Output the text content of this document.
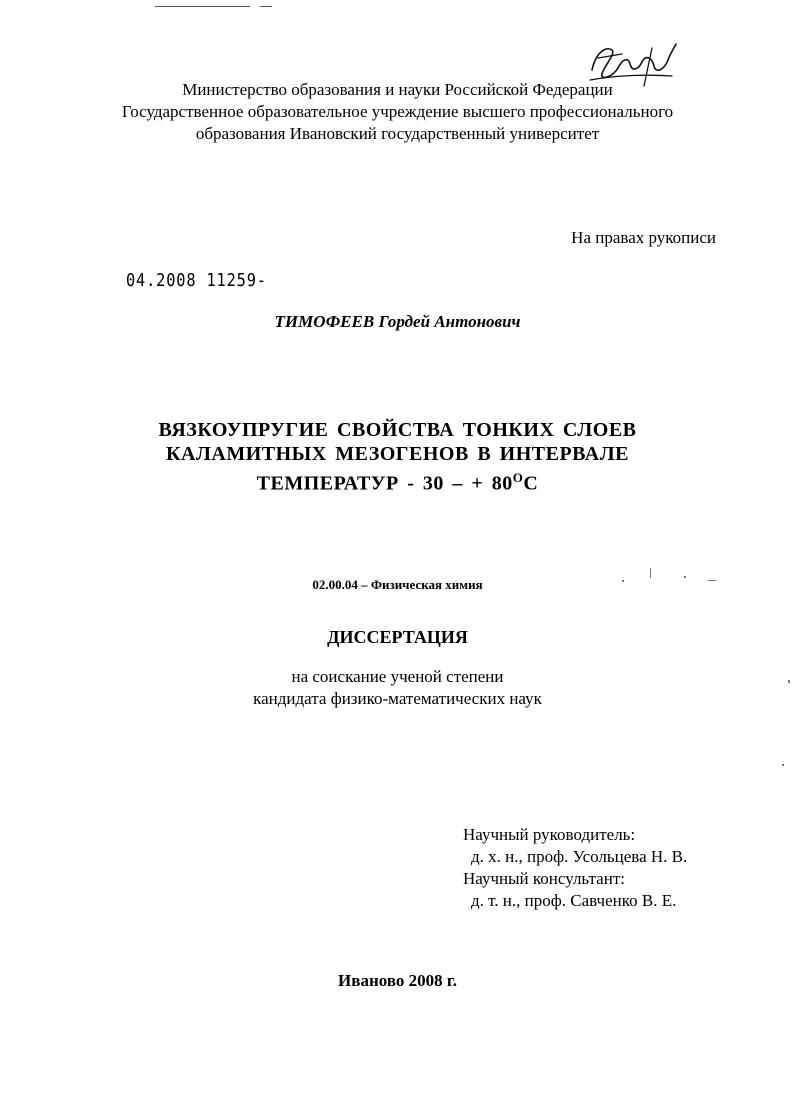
Министерство образования и науки Российской Федерации
Государственное образовательное учреждение высшего профессионального
образования Ивановский государственный университет
На правах рукописи
04.2008 11259-
ТИМОФЕЕВ Гордей Антонович
ВЯЗКОУПРУГИЕ СВОЙСТВА ТОНКИХ СЛОЕВ
КАЛАМИТНЫХ МЕЗОГЕНОВ В ИНТЕРВАЛЕ
ТЕМПЕРАТУР - 30 – + $80^ОС$
02.00.04 – Физическая химия
ДИССЕРТАЦИЯ
на соискание ученой степени
кандидата физико-математических наук
Научный руководитель:
д. х. н., проф. Усольцева Н. В.
Научный консультант:
д. т. н., проф. Савченко В. Е.
Иваново 2008 г.
